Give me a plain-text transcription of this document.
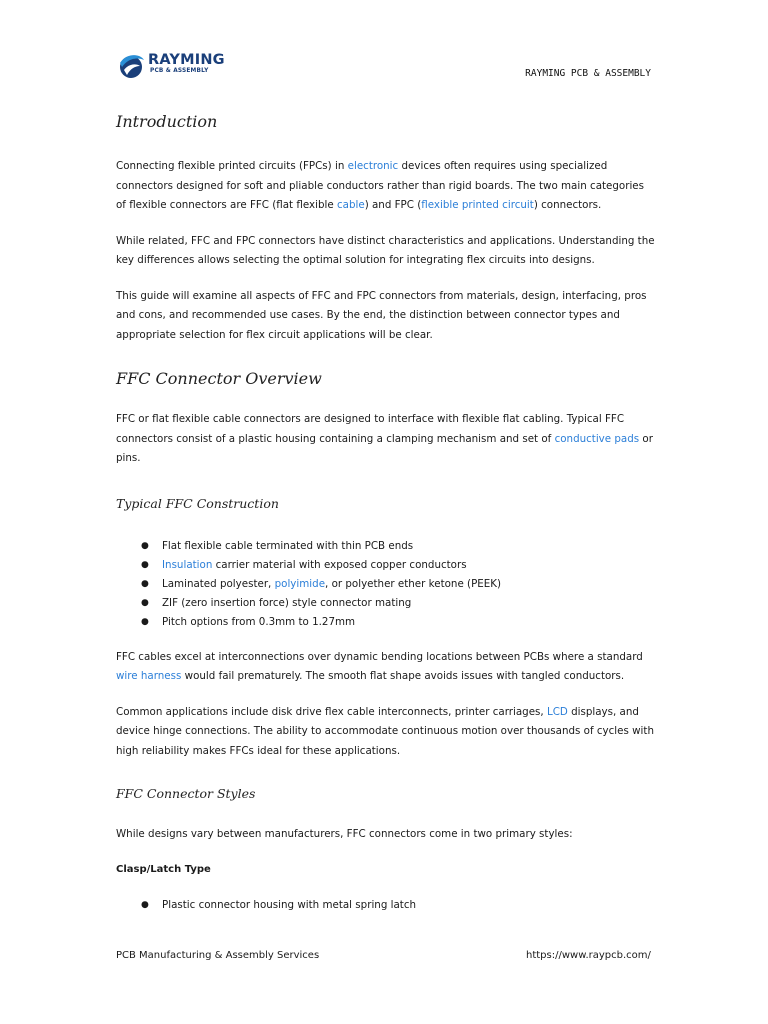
RAYMING
PCB & ASSEMBLY	RAYMING PCB & ASSEMBLY
Introduction

Connecting flexible printed circuits (FPCs) in electronic devices often requires using specialized connectors designed for soft and pliable conductors rather than rigid boards. The two main categories of flexible connectors are FFC (flat flexible cable) and FPC (flexible printed circuit) connectors.

While related, FFC and FPC connectors have distinct characteristics and applications. Understanding the key differences allows selecting the optimal solution for integrating flex circuits into designs.

This guide will examine all aspects of FFC and FPC connectors from materials, design, interfacing, pros and cons, and recommended use cases. By the end, the distinction between connector types and appropriate selection for flex circuit applications will be clear.

FFC Connector Overview

FFC or flat flexible cable connectors are designed to interface with flexible flat cabling. Typical FFC connectors consist of a plastic housing containing a clamping mechanism and set of conductive pads or pins.

Typical FFC Construction
● Flat flexible cable terminated with thin PCB ends
● Insulation carrier material with exposed copper conductors
● Laminated polyester, polyimide, or polyether ether ketone (PEEK)
● ZIF (zero insertion force) style connector mating
● Pitch options from 0.3mm to 1.27mm

FFC cables excel at interconnections over dynamic bending locations between PCBs where a standard wire harness would fail prematurely. The smooth flat shape avoids issues with tangled conductors.

Common applications include disk drive flex cable interconnects, printer carriages, LCD displays, and device hinge connections. The ability to accommodate continuous motion over thousands of cycles with high reliability makes FFCs ideal for these applications.

FFC Connector Styles

While designs vary between manufacturers, FFC connectors come in two primary styles:

Clasp/Latch Type

● Plastic connector housing with metal spring latch
PCB Manufacturing & Assembly Services	https://www.raypcb.com/
